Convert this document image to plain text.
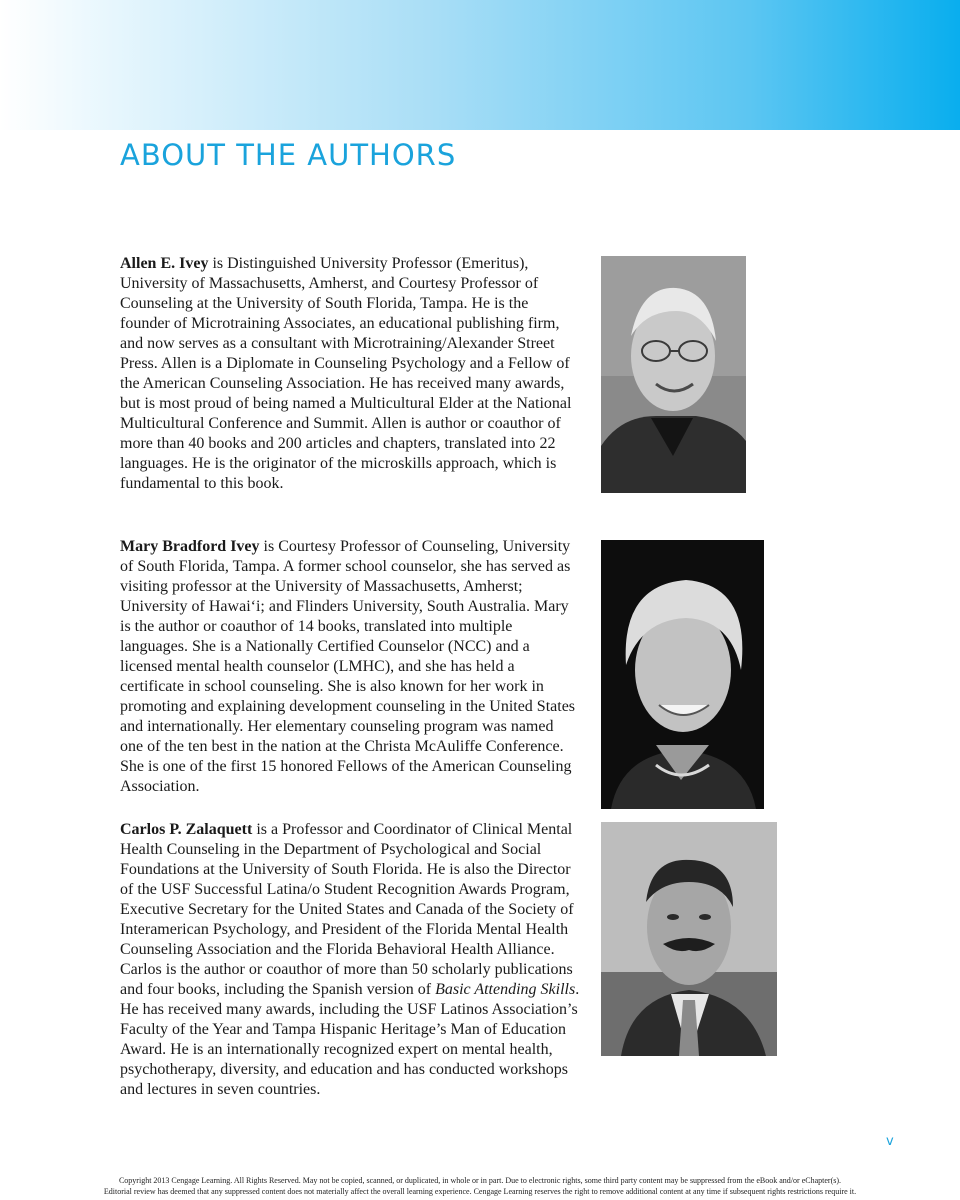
ABOUT THE AUTHORS

Allen E. Ivey is Distinguished University Professor (Emeritus), University of Massachusetts, Amherst, and Courtesy Professor of Counseling at the University of South Florida, Tampa. He is the founder of Microtraining Associates, an educational publishing firm, and now serves as a consultant with Microtraining/Alexander Street Press. Allen is a Diplomate in Counseling Psychology and a Fellow of the American Counseling Association. He has received many awards, but is most proud of being named a Multicultural Elder at the National Multicultural Conference and Summit. Allen is author or coauthor of more than 40 books and 200 articles and chapters, translated into 22 languages. He is the originator of the microskills approach, which is fundamental to this book.

Mary Bradford Ivey is Courtesy Professor of Counseling, University of South Florida, Tampa. A former school counselor, she has served as visiting professor at the University of Massachusetts, Amherst; University of Hawai‘i; and Flinders University, South Australia. Mary is the author or coauthor of 14 books, translated into multiple languages. She is a Nationally Certified Counselor (NCC) and a licensed mental health counselor (LMHC), and she has held a certificate in school counseling. She is also known for her work in promoting and explaining development counseling in the United States and internationally. Her elementary counseling program was named one of the ten best in the nation at the Christa McAuliffe Conference. She is one of the first 15 honored Fellows of the American Counseling Association.

Carlos P. Zalaquett is a Professor and Coordinator of Clinical Mental Health Counseling in the Department of Psychological and Social Foundations at the University of South Florida. He is also the Director of the USF Successful Latina/o Student Recognition Awards Program, Executive Secretary for the United States and Canada of the Society of Interamerican Psychology, and President of the Florida Mental Health Counseling Association and the Florida Behavioral Health Alliance. Carlos is the author or coauthor of more than 50 scholarly publications and four books, including the Spanish version of Basic Attending Skills. He has received many awards, including the USF Latinos Association’s Faculty of the Year and Tampa Hispanic Heritage’s Man of Education Award. He is an internationally recognized expert on mental health, psychotherapy, diversity, and education and has conducted workshops and lectures in seven countries.

v
Copyright 2013 Cengage Learning. All Rights Reserved. May not be copied, scanned, or duplicated, in whole or in part. Due to electronic rights, some third party content may be suppressed from the eBook and/or eChapter(s).
Editorial review has deemed that any suppressed content does not materially affect the overall learning experience. Cengage Learning reserves the right to remove additional content at any time if subsequent rights restrictions require it.
